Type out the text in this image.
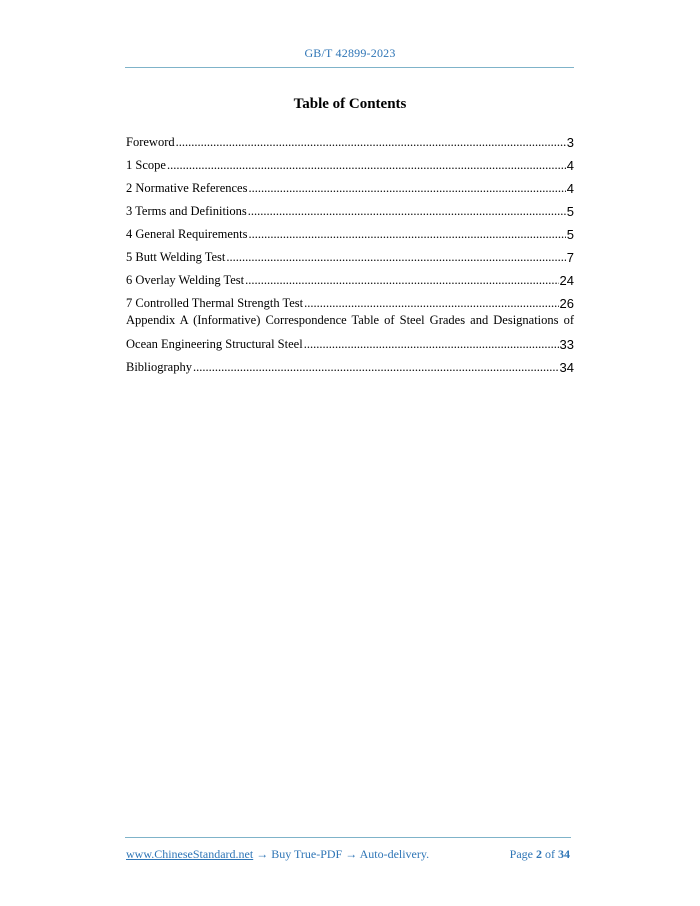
GB/T 42899-2023
Table of Contents
Foreword .....	3
1 Scope .....	4
2 Normative References .....	4
3 Terms and Definitions .....	5
4 General Requirements .....	5
5 Butt Welding Test .....	7
6 Overlay Welding Test .....	24
7 Controlled Thermal Strength Test .....	26
Appendix A (Informative) Correspondence Table of Steel Grades and Designations of
Ocean Engineering Structural Steel .....	33
Bibliography .....	34
www.ChineseStandard.net → Buy True-PDF → Auto-delivery.	Page 2 of 34
